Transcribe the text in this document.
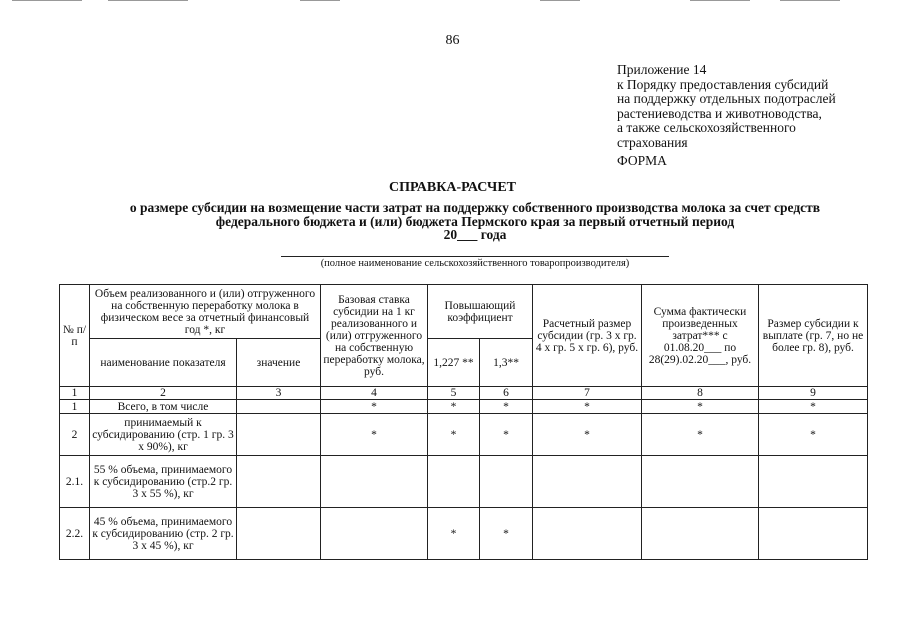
86
Приложение 14
к Порядку предоставления субсидий
на поддержку отдельных подотраслей
растениеводства и животноводства,
а также сельскохозяйственного
страхования
ФОРМА
СПРАВКА-РАСЧЕТ
о размере субсидии на возмещение части затрат на поддержку собственного производства молока за счет средств
федерального бюджета и (или) бюджета Пермского края за первый отчетный период
20___ года
(полное наименование сельскохозяйственного товаропроизводителя)
№ п/п	Объем реализованного и (или) отгруженного на собственную переработку молока в физическом весе за отчетный финансовый год *, кг		Базовая ставка субсидии на 1 кг реализованного и (или) отгруженного на собственную переработку молока, руб.	Повышающий коэффициент		Расчетный размер субсидии (гр. 3 х гр. 4 х гр. 5 х гр. 6), руб.	Сумма фактически произведенных затрат*** с 01.08.20___ по 28(29).02.20___, руб.	Размер субсидии к выплате (гр. 7, но не более гр. 8), руб.
	наименование показателя	значение		1,227 **	1,3**			
1	2	3	4	5	6	7	8	9
1	Всего, в том числе		*	*	*	*	*	*
2	принимаемый к субсидированию (стр. 1 гр. 3 х 90%), кг		*	*	*	*	*	*
2.1.	55 % объема, принимаемого к субсидированию (стр.2 гр. 3 х 55 %), кг							
2.2.	45 % объема, принимаемого к субсидированию (стр. 2 гр. 3 х 45 %), кг			*	*			
